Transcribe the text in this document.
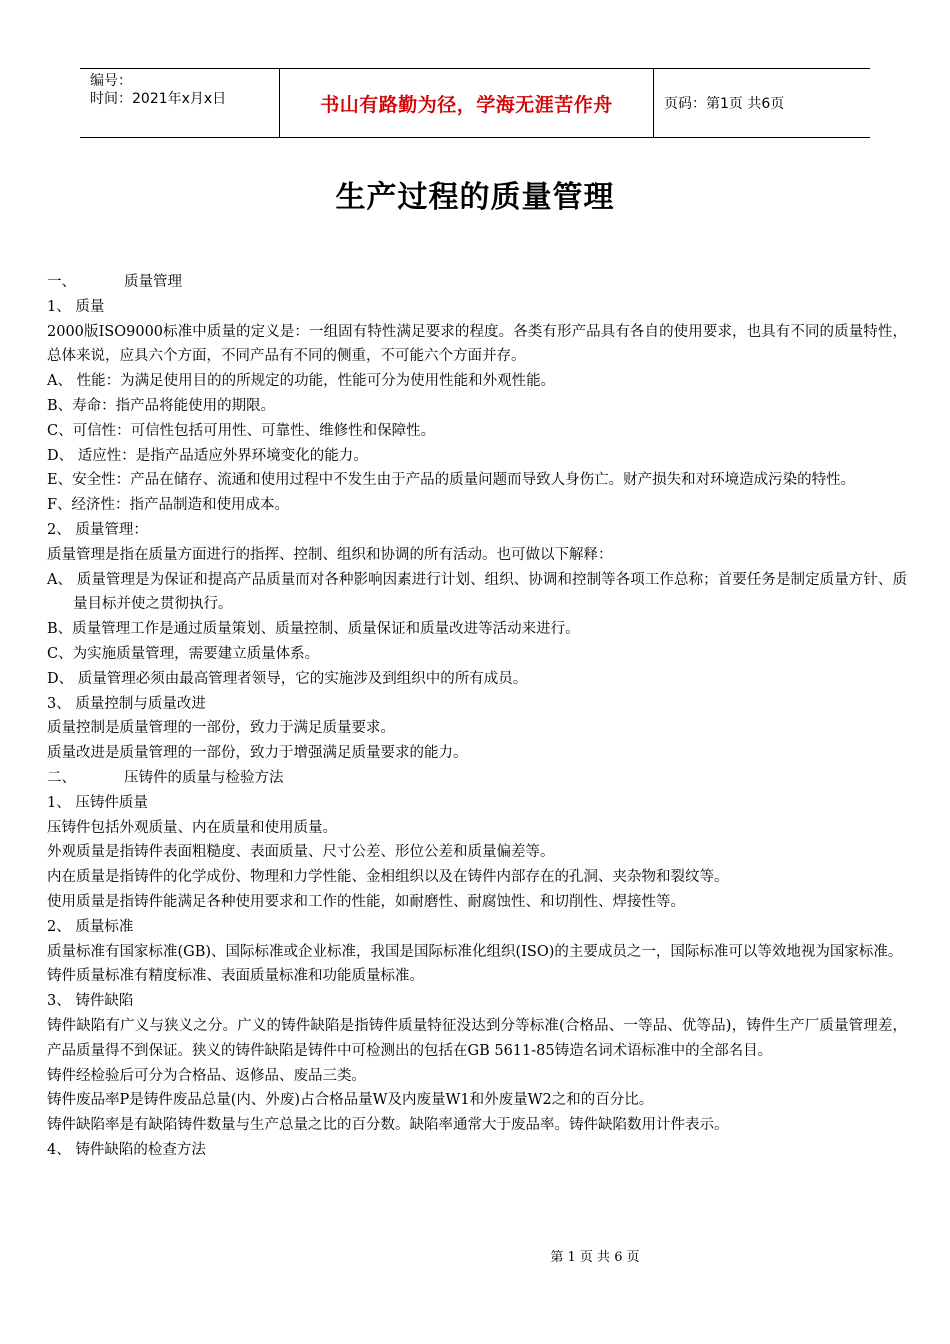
编号：
时间：2021年x月x日	书山有路勤为径，学海无涯苦作舟	页码：第1页 共6页
生产过程的质量管理

一、	质量管理

1、 质量

2000版ISO9000标准中质量的定义是：一组固有特性满足要求的程度。各类有形产品具有各自的使用要求，也具有不同的质量特性，总体来说，应具六个方面，不同产品有不同的侧重，不可能六个方面并存。

A、 性能：为满足使用目的的所规定的功能，性能可分为使用性能和外观性能。

B、寿命：指产品将能使用的期限。

C、可信性：可信性包括可用性、可靠性、维修性和保障性。

D、 适应性：是指产品适应外界环境变化的能力。

E、安全性：产品在储存、流通和使用过程中不发生由于产品的质量问题而导致人身伤亡。财产损失和对环境造成污染的特性。

F、经济性：指产品制造和使用成本。

2、 质量管理：

质量管理是指在质量方面进行的指挥、控制、组织和协调的所有活动。也可做以下解释：

A、 质量管理是为保证和提高产品质量而对各种影响因素进行计划、组织、协调和控制等各项工作总称；首要任务是制定质量方针、质量目标并使之贯彻执行。

B、质量管理工作是通过质量策划、质量控制、质量保证和质量改进等活动来进行。

C、为实施质量管理，需要建立质量体系。

D、 质量管理必须由最高管理者领导，它的实施涉及到组织中的所有成员。

3、 质量控制与质量改进

质量控制是质量管理的一部份，致力于满足质量要求。

质量改进是质量管理的一部份，致力于增强满足质量要求的能力。

二、	压铸件的质量与检验方法

1、 压铸件质量

压铸件包括外观质量、内在质量和使用质量。

外观质量是指铸件表面粗糙度、表面质量、尺寸公差、形位公差和质量偏差等。

内在质量是指铸件的化学成份、物理和力学性能、金相组织以及在铸件内部存在的孔洞、夹杂物和裂纹等。

使用质量是指铸件能满足各种使用要求和工作的性能，如耐磨性、耐腐蚀性、和切削性、焊接性等。

2、 质量标准

质量标准有国家标准(GB)、国际标准或企业标准，我国是国际标准化组织(ISO)的主要成员之一，国际标准可以等效地视为国家标准。

铸件质量标准有精度标准、表面质量标准和功能质量标准。

3、 铸件缺陷

铸件缺陷有广义与狭义之分。广义的铸件缺陷是指铸件质量特征没达到分等标准(合格品、一等品、优等品)，铸件生产厂质量管理差，产品质量得不到保证。狭义的铸件缺陷是铸件中可检测出的包括在GB 5611-85铸造名词术语标准中的全部名目。

铸件经检验后可分为合格品、返修品、废品三类。

铸件废品率P是铸件废品总量(内、外废)占合格品量W及内废量W1和外废量W2之和的百分比。

铸件缺陷率是有缺陷铸件数量与生产总量之比的百分数。缺陷率通常大于废品率。铸件缺陷数用计件表示。

4、 铸件缺陷的检查方法

第 1 页 共 6 页
